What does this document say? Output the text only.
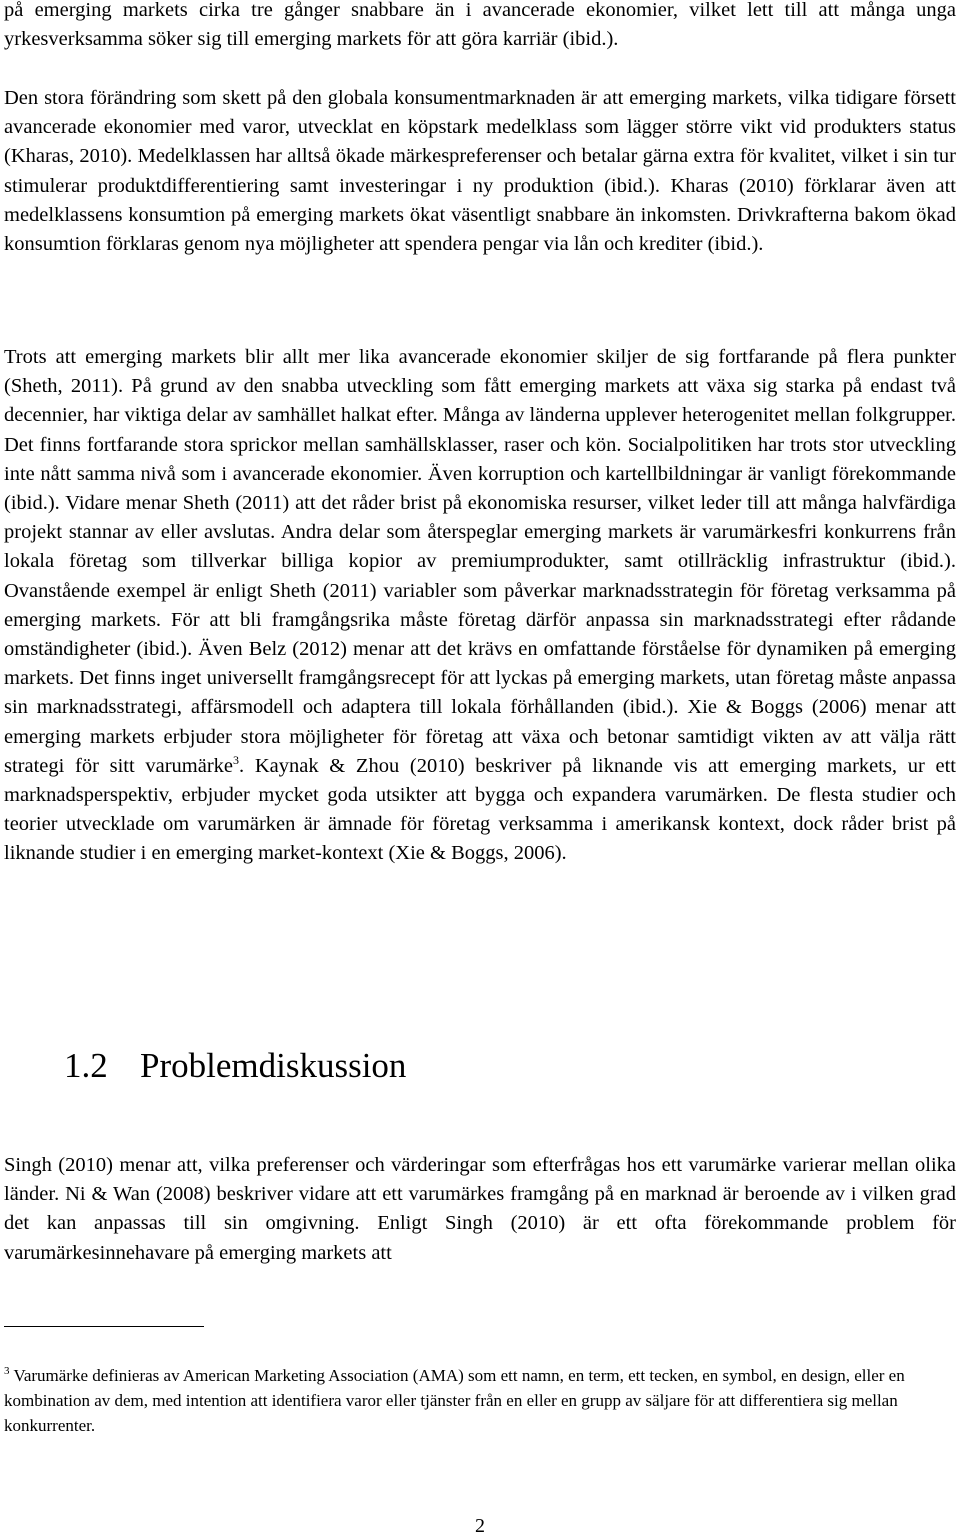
på emerging markets cirka tre gånger snabbare än i avancerade ekonomier, vilket lett till att många unga yrkesverksamma söker sig till emerging markets för att göra karriär (ibid.).

Den stora förändring som skett på den globala konsumentmarknaden är att emerging markets, vilka tidigare försett avancerade ekonomier med varor, utvecklat en köpstark medelklass som lägger större vikt vid produkters status (Kharas, 2010). Medelklassen har alltså ökade märkespreferenser och betalar gärna extra för kvalitet, vilket i sin tur stimulerar produktdifferentiering samt investeringar i ny produktion (ibid.). Kharas (2010) förklarar även att medelklassens konsumtion på emerging markets ökat väsentligt snabbare än inkomsten. Drivkrafterna bakom ökad konsumtion förklaras genom nya möjligheter att spendera pengar via lån och krediter (ibid.).

Trots att emerging markets blir allt mer lika avancerade ekonomier skiljer de sig fortfarande på flera punkter (Sheth, 2011). På grund av den snabba utveckling som fått emerging markets att växa sig starka på endast två decennier, har viktiga delar av samhället halkat efter. Många av länderna upplever heterogenitet mellan folkgrupper. Det finns fortfarande stora sprickor mellan samhällsklasser, raser och kön. Socialpolitiken har trots stor utveckling inte nått samma nivå som i avancerade ekonomier. Även korruption och kartellbildningar är vanligt förekommande (ibid.). Vidare menar Sheth (2011) att det råder brist på ekonomiska resurser, vilket leder till att många halvfärdiga projekt stannar av eller avslutas. Andra delar som återspeglar emerging markets är varumärkesfri konkurrens från lokala företag som tillverkar billiga kopior av premiumprodukter, samt otillräcklig infrastruktur (ibid.). Ovanstående exempel är enligt Sheth (2011) variabler som påverkar marknadsstrategin för företag verksamma på emerging markets. För att bli framgångsrika måste företag därför anpassa sin marknadsstrategi efter rådande omständigheter (ibid.). Även Belz (2012) menar att det krävs en omfattande förståelse för dynamiken på emerging markets. Det finns inget universellt framgångsrecept för att lyckas på emerging markets, utan företag måste anpassa sin marknadsstrategi, affärsmodell och adaptera till lokala förhållanden (ibid.). Xie & Boggs (2006) menar att emerging markets erbjuder stora möjligheter för företag att växa och betonar samtidigt vikten av att välja rätt strategi för sitt varumärke$^3$. Kaynak & Zhou (2010) beskriver på liknande vis att emerging markets, ur ett marknadsperspektiv, erbjuder mycket goda utsikter att bygga och expandera varumärken. De flesta studier och teorier utvecklade om varumärken är ämnade för företag verksamma i amerikansk kontext, dock råder brist på liknande studier i en emerging market-kontext (Xie & Boggs, 2006).

1.2 Problemdiskussion

Singh (2010) menar att, vilka preferenser och värderingar som efterfrågas hos ett varumärke varierar mellan olika länder. Ni & Wan (2008) beskriver vidare att ett varumärkes framgång på en marknad är beroende av i vilken grad det kan anpassas till sin omgivning. Enligt Singh (2010) är ett ofta förekommande problem för varumärkesinnehavare på emerging markets att

$^3$ Varumärke definieras av American Marketing Association (AMA) som ett namn, en term, ett tecken, en symbol, en design, eller en kombination av dem, med intention att identifiera varor eller tjänster från en eller en grupp av säljare för att differentiera sig mellan konkurrenter.

2
